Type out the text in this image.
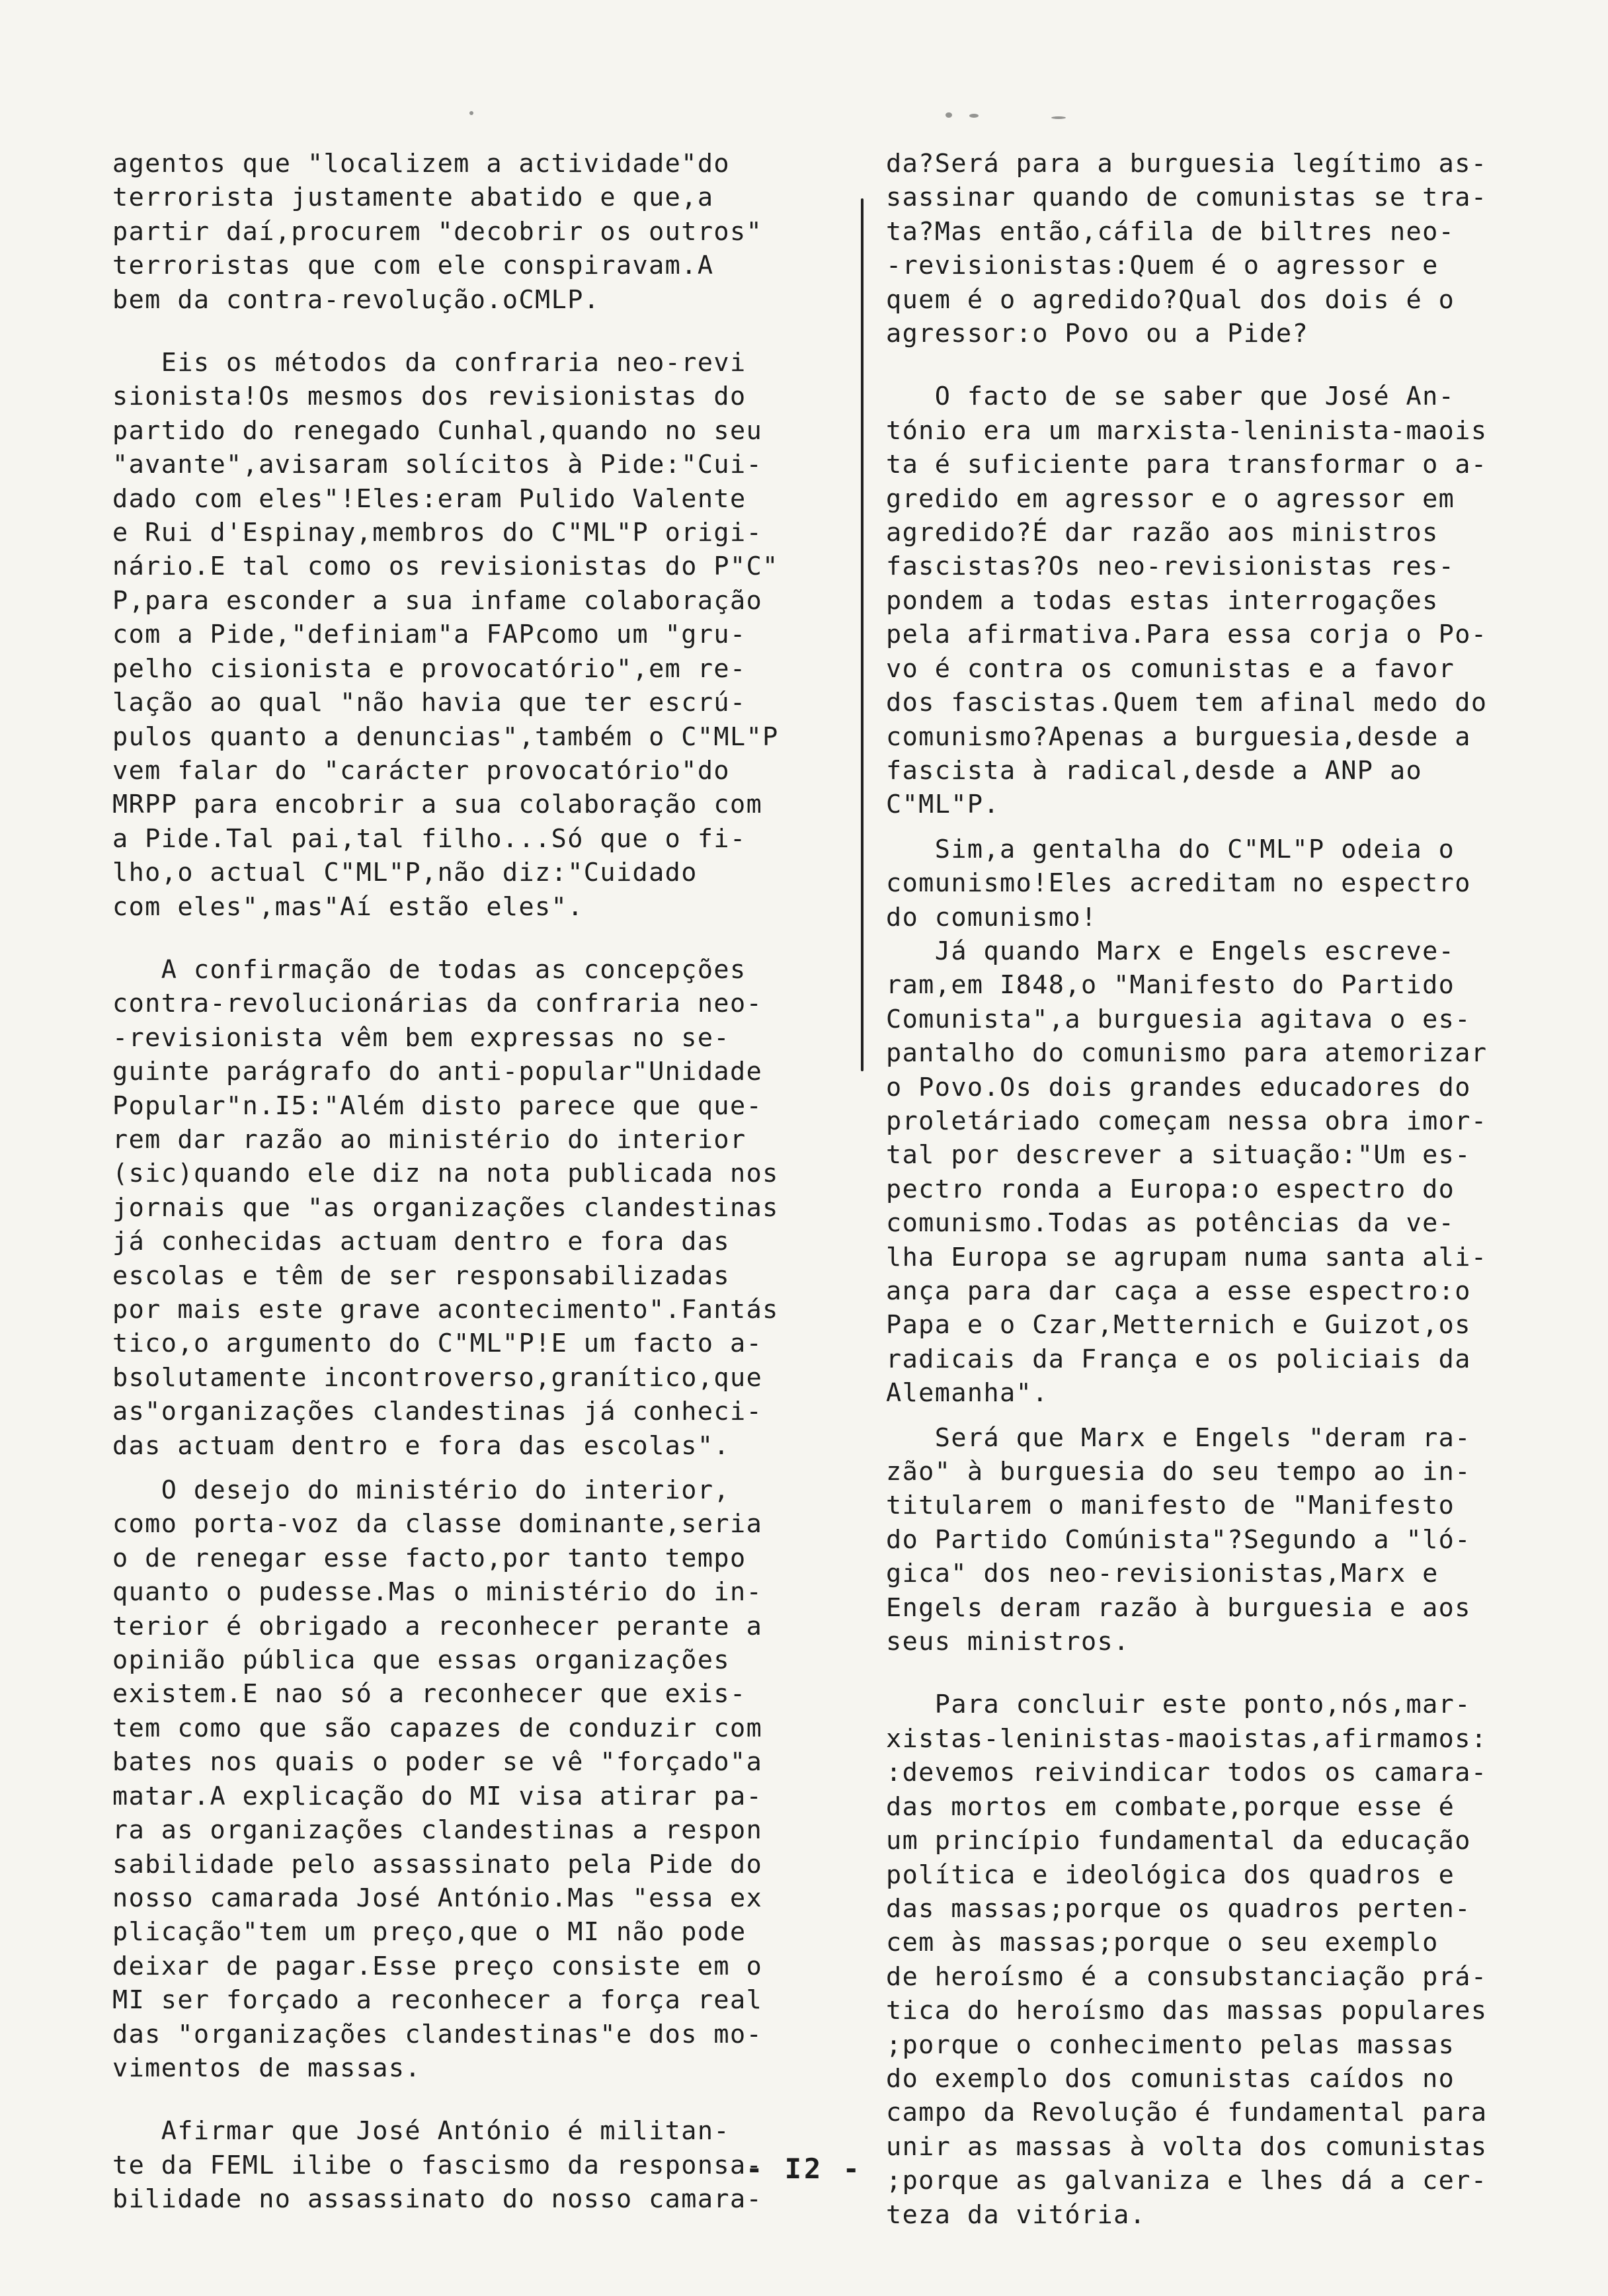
agentos que "localizem a actividade"do
terrorista justamente abatido e que,a
partir daí,procurem "decobrir os outros"
terroristas que com ele conspiravam.A
bem da contra-revolução.oCMLP.
Eis os métodos da confraria neo-revi
sionista!Os mesmos dos revisionistas do
partido do renegado Cunhal,quando no seu
"avante",avisaram solícitos à Pide:"Cui-
dado com eles"!Eles:eram Pulido Valente
e Rui d'Espinay,membros do C"ML"P origi-
nário.E tal como os revisionistas do P"C"
P,para esconder a sua infame colaboração
com a Pide,"definiam"a FAPcomo um "gru-
pelho cisionista e provocatório",em re-
lação ao qual "não havia que ter escrú-
pulos quanto a denuncias",também o C"ML"P
vem falar do "carácter provocatório"do
MRPP para encobrir a sua colaboração com
a Pide.Tal pai,tal filho...Só que o fi-
lho,o actual C"ML"P,não diz:"Cuidado
com eles",mas"Aí estão eles".
A confirmação de todas as concepções
contra-revolucionárias da confraria neo-
-revisionista vêm bem expressas no se-
guinte parágrafo do anti-popular"Unidade
Popular"n.I5:"Além disto parece que que-
rem dar razão ao ministério do interior
(sic)quando ele diz na nota publicada nos
jornais que "as organizações clandestinas
já conhecidas actuam dentro e fora das
escolas e têm de ser responsabilizadas
por mais este grave acontecimento".Fantás
tico,o argumento do C"ML"P!E um facto a-
bsolutamente incontroverso,granítico,que
as"organizações clandestinas já conheci-
das actuam dentro e fora das escolas".
O desejo do ministério do interior,
como porta-voz da classe dominante,seria
o de renegar esse facto,por tanto tempo
quanto o pudesse.Mas o ministério do in-
terior é obrigado a reconhecer perante a
opinião pública que essas organizações
existem.E nao só a reconhecer que exis-
tem como que são capazes de conduzir com
bates nos quais o poder se vê "forçado"a
matar.A explicação do MI visa atirar pa-
ra as organizações clandestinas a respon
sabilidade pelo assassinato pela Pide do
nosso camarada José António.Mas "essa ex
plicação"tem um preço,que o MI não pode
deixar de pagar.Esse preço consiste em o
MI ser forçado a reconhecer a força real
das "organizações clandestinas"e dos mo-
vimentos de massas.
Afirmar que José António é militan-
te da FEML ilibe o fascismo da responsa-
bilidade no assassinato do nosso camara-
da?Será para a burguesia legítimo as-
sassinar quando de comunistas se tra-
ta?Mas então,cáfila de biltres neo-
-revisionistas:Quem é o agressor e
quem é o agredido?Qual dos dois é o
agressor:o Povo ou a Pide?
O facto de se saber que José An-
tónio era um marxista-leninista-maois
ta é suficiente para transformar o a-
gredido em agressor e o agressor em
agredido?É dar razão aos ministros
fascistas?Os neo-revisionistas res-
pondem a todas estas interrogações
pela afirmativa.Para essa corja o Po-
vo é contra os comunistas e a favor
dos fascistas.Quem tem afinal medo do
comunismo?Apenas a burguesia,desde a
fascista à radical,desde a ANP ao
C"ML"P.
Sim,a gentalha do C"ML"P odeia o
comunismo!Eles acreditam no espectro
do comunismo!
Já quando Marx e Engels escreve-
ram,em I848,o "Manifesto do Partido
Comunista",a burguesia agitava o es-
pantalho do comunismo para atemorizar
o Povo.Os dois grandes educadores do
proletáriado começam nessa obra imor-
tal por descrever a situação:"Um es-
pectro ronda a Europa:o espectro do
comunismo.Todas as potências da ve-
lha Europa se agrupam numa santa ali-
ança para dar caça a esse espectro:o
Papa e o Czar,Metternich e Guizot,os
radicais da França e os policiais da
Alemanha".
Será que Marx e Engels "deram ra-
zão" à burguesia do seu tempo ao in-
titularem o manifesto de "Manifesto
do Partido Comúnista"?Segundo a "ló-
gica" dos neo-revisionistas,Marx e
Engels deram razão à burguesia e aos
seus ministros.
Para concluir este ponto,nós,mar-
xistas-leninistas-maoistas,afirmamos:
:devemos reivindicar todos os camara-
das mortos em combate,porque esse é
um princípio fundamental da educação
política e ideológica dos quadros e
das massas;porque os quadros perten-
cem às massas;porque o seu exemplo
de heroísmo é a consubstanciação prá-
tica do heroísmo das massas populares
;porque o conhecimento pelas massas
do exemplo dos comunistas caídos no
campo da Revolução é fundamental para
unir as massas à volta dos comunistas
;porque as galvaniza e lhes dá a cer-
teza da vitória.
- I2 -
